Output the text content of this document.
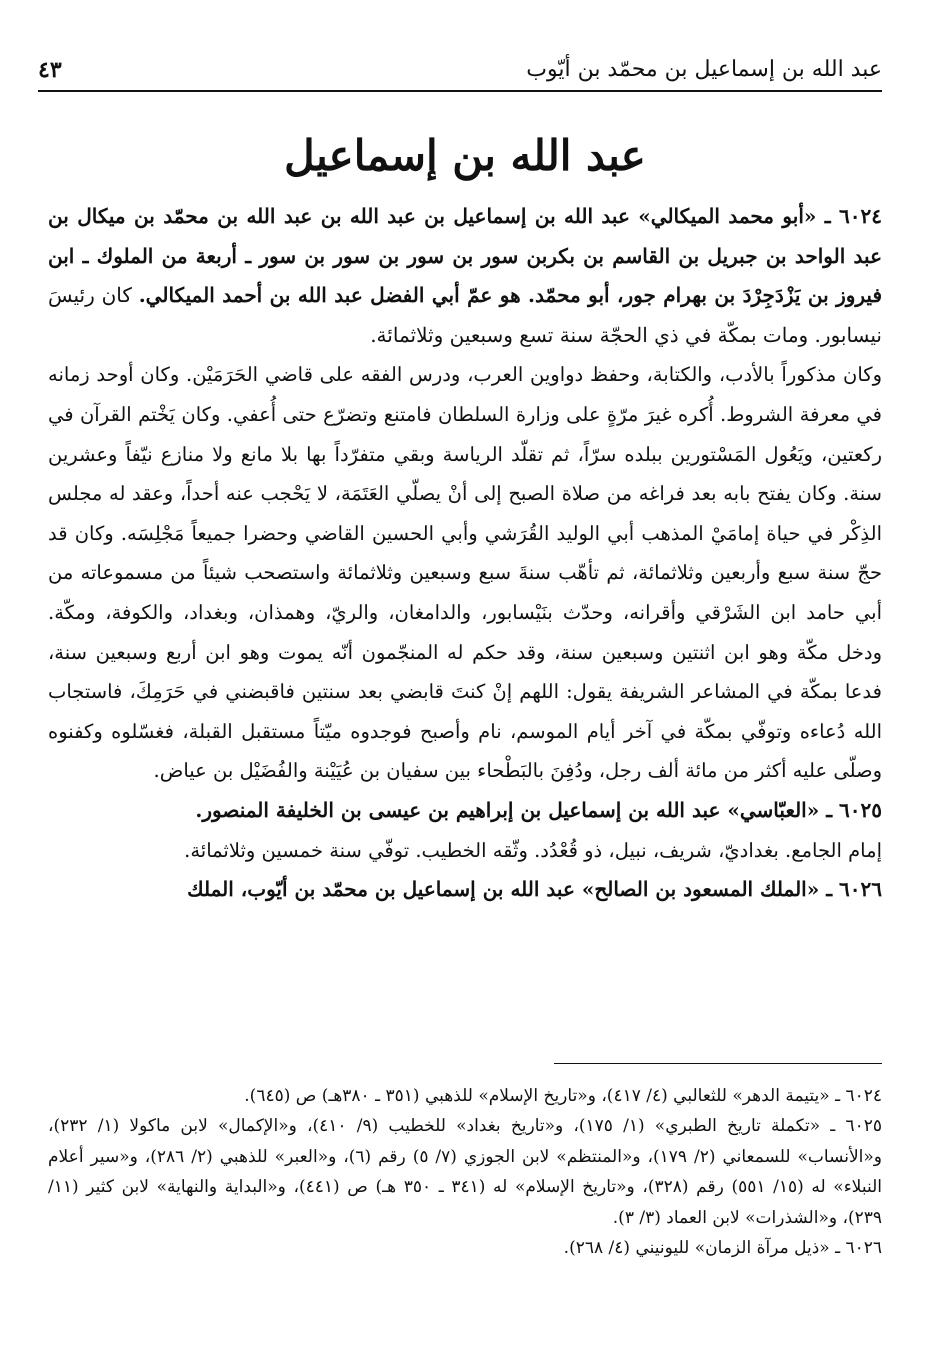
عبد الله بن إسماعيل بن محمّد بن أيّوب
٤٣
عبد الله بن إسماعيل

٦٠٢٤ ـ «أبو محمد الميكالي» عبد الله بن إسماعيل بن عبد الله بن عبد الله بن محمّد بن ميكال بن عبد الواحد بن جبريل بن القاسم بن بكربن سور بن سور بن سور بن سور ـ أربعة من الملوك ـ ابن فيروز بن يَزْدَجِرْدَ بن بهرام جور، أبو محمّد. هو عمّ أبي الفضل عبد الله بن أحمد الميكالي. كان رئيسَ نيسابور. ومات بمكّة في ذي الحجّة سنة تسع وسبعين وثلاثمائة.

وكان مذكوراً بالأدب، والكتابة، وحفظ دواوين العرب، ودرس الفقه على قاضي الحَرَمَيْن. وكان أوحد زمانه في معرفة الشروط. أُكره غيرَ مرّةٍ على وزارة السلطان فامتنع وتضرّع حتى أُعفي. وكان يَخْتم القرآن في ركعتين، ويَعُول المَسْتورين ببلده سرّاً، ثم تقلّد الرياسة وبقي متفرّداً بها بلا مانع ولا منازع نيّفاً وعشرين سنة. وكان يفتح بابه بعد فراغه من صلاة الصبح إلى أنْ يصلّي العَتَمَة، لا يَحْجب عنه أحداً، وعقد له مجلس الذِكْر في حياة إمامَيْ المذهب أبي الوليد القُرَشي وأبي الحسين القاضي وحضرا جميعاً مَجْلِسَه. وكان قد حجّ سنة سبع وأربعين وثلاثمائة، ثم تأهّب سنةَ سبع وسبعين وثلاثمائة واستصحب شيئاً من مسموعاته من أبي حامد ابن الشَرْقي وأقرانه، وحدّث بنَيْسابور، والدامغان، والريّ، وهمذان، وبغداد، والكوفة، ومكّة. ودخل مكّة وهو ابن اثنتين وسبعين سنة، وقد حكم له المنجّمون أنّه يموت وهو ابن أربع وسبعين سنة، فدعا بمكّة في المشاعر الشريفة يقول: اللهم إنْ كنتَ قابضي بعد سنتين فاقبضني في حَرَمِكَ، فاستجاب الله دُعاءه وتوفّي بمكّة في آخر أيام الموسم، نام وأصبح فوجدوه ميّتاً مستقبل القبلة، فغسّلوه وكفنوه وصلّى عليه أكثر من مائة ألف رجل، ودُفِنَ بالبَطْحاء بين سفيان بن عُيَيْنة والفُضَيْل بن عياض.

٦٠٢٥ ـ «العبّاسي» عبد الله بن إسماعيل بن إبراهيم بن عيسى بن الخليفة المنصور.

إمام الجامع. بغداديّ، شريف، نبيل، ذو قُعْدُد. وثّقه الخطيب. توفّي سنة خمسين وثلاثمائة.

٦٠٢٦ ـ «الملك المسعود بن الصالح» عبد الله بن إسماعيل بن محمّد بن أيّوب، الملك

٦٠٢٤ ـ «يتيمة الدهر» للثعالبي (٤/ ٤١٧)، و«تاريخ الإسلام» للذهبي (٣٥١ ـ ٣٨٠هـ) ص (٦٤٥).

٦٠٢٥ ـ «تكملة تاريخ الطبري» (١/ ١٧٥)، و«تاريخ بغداد» للخطيب (٩/ ٤١٠)، و«الإكمال» لابن ماكولا (١/ ٢٣٢)، و«الأنساب» للسمعاني (٢/ ١٧٩)، و«المنتظم» لابن الجوزي (٧/ ٥) رقم (٦)، و«العبر» للذهبي (٢/ ٢٨٦)، و«سير أعلام النبلاء» له (١٥/ ٥٥١) رقم (٣٢٨)، و«تاريخ الإسلام» له (٣٤١ ـ ٣٥٠ هـ) ص (٤٤١)، و«البداية والنهاية» لابن كثير (١١/ ٢٣٩)، و«الشذرات» لابن العماد (٣/ ٣).

٦٠٢٦ ـ «ذيل مرآة الزمان» لليونيني (٤/ ٢٦٨).
